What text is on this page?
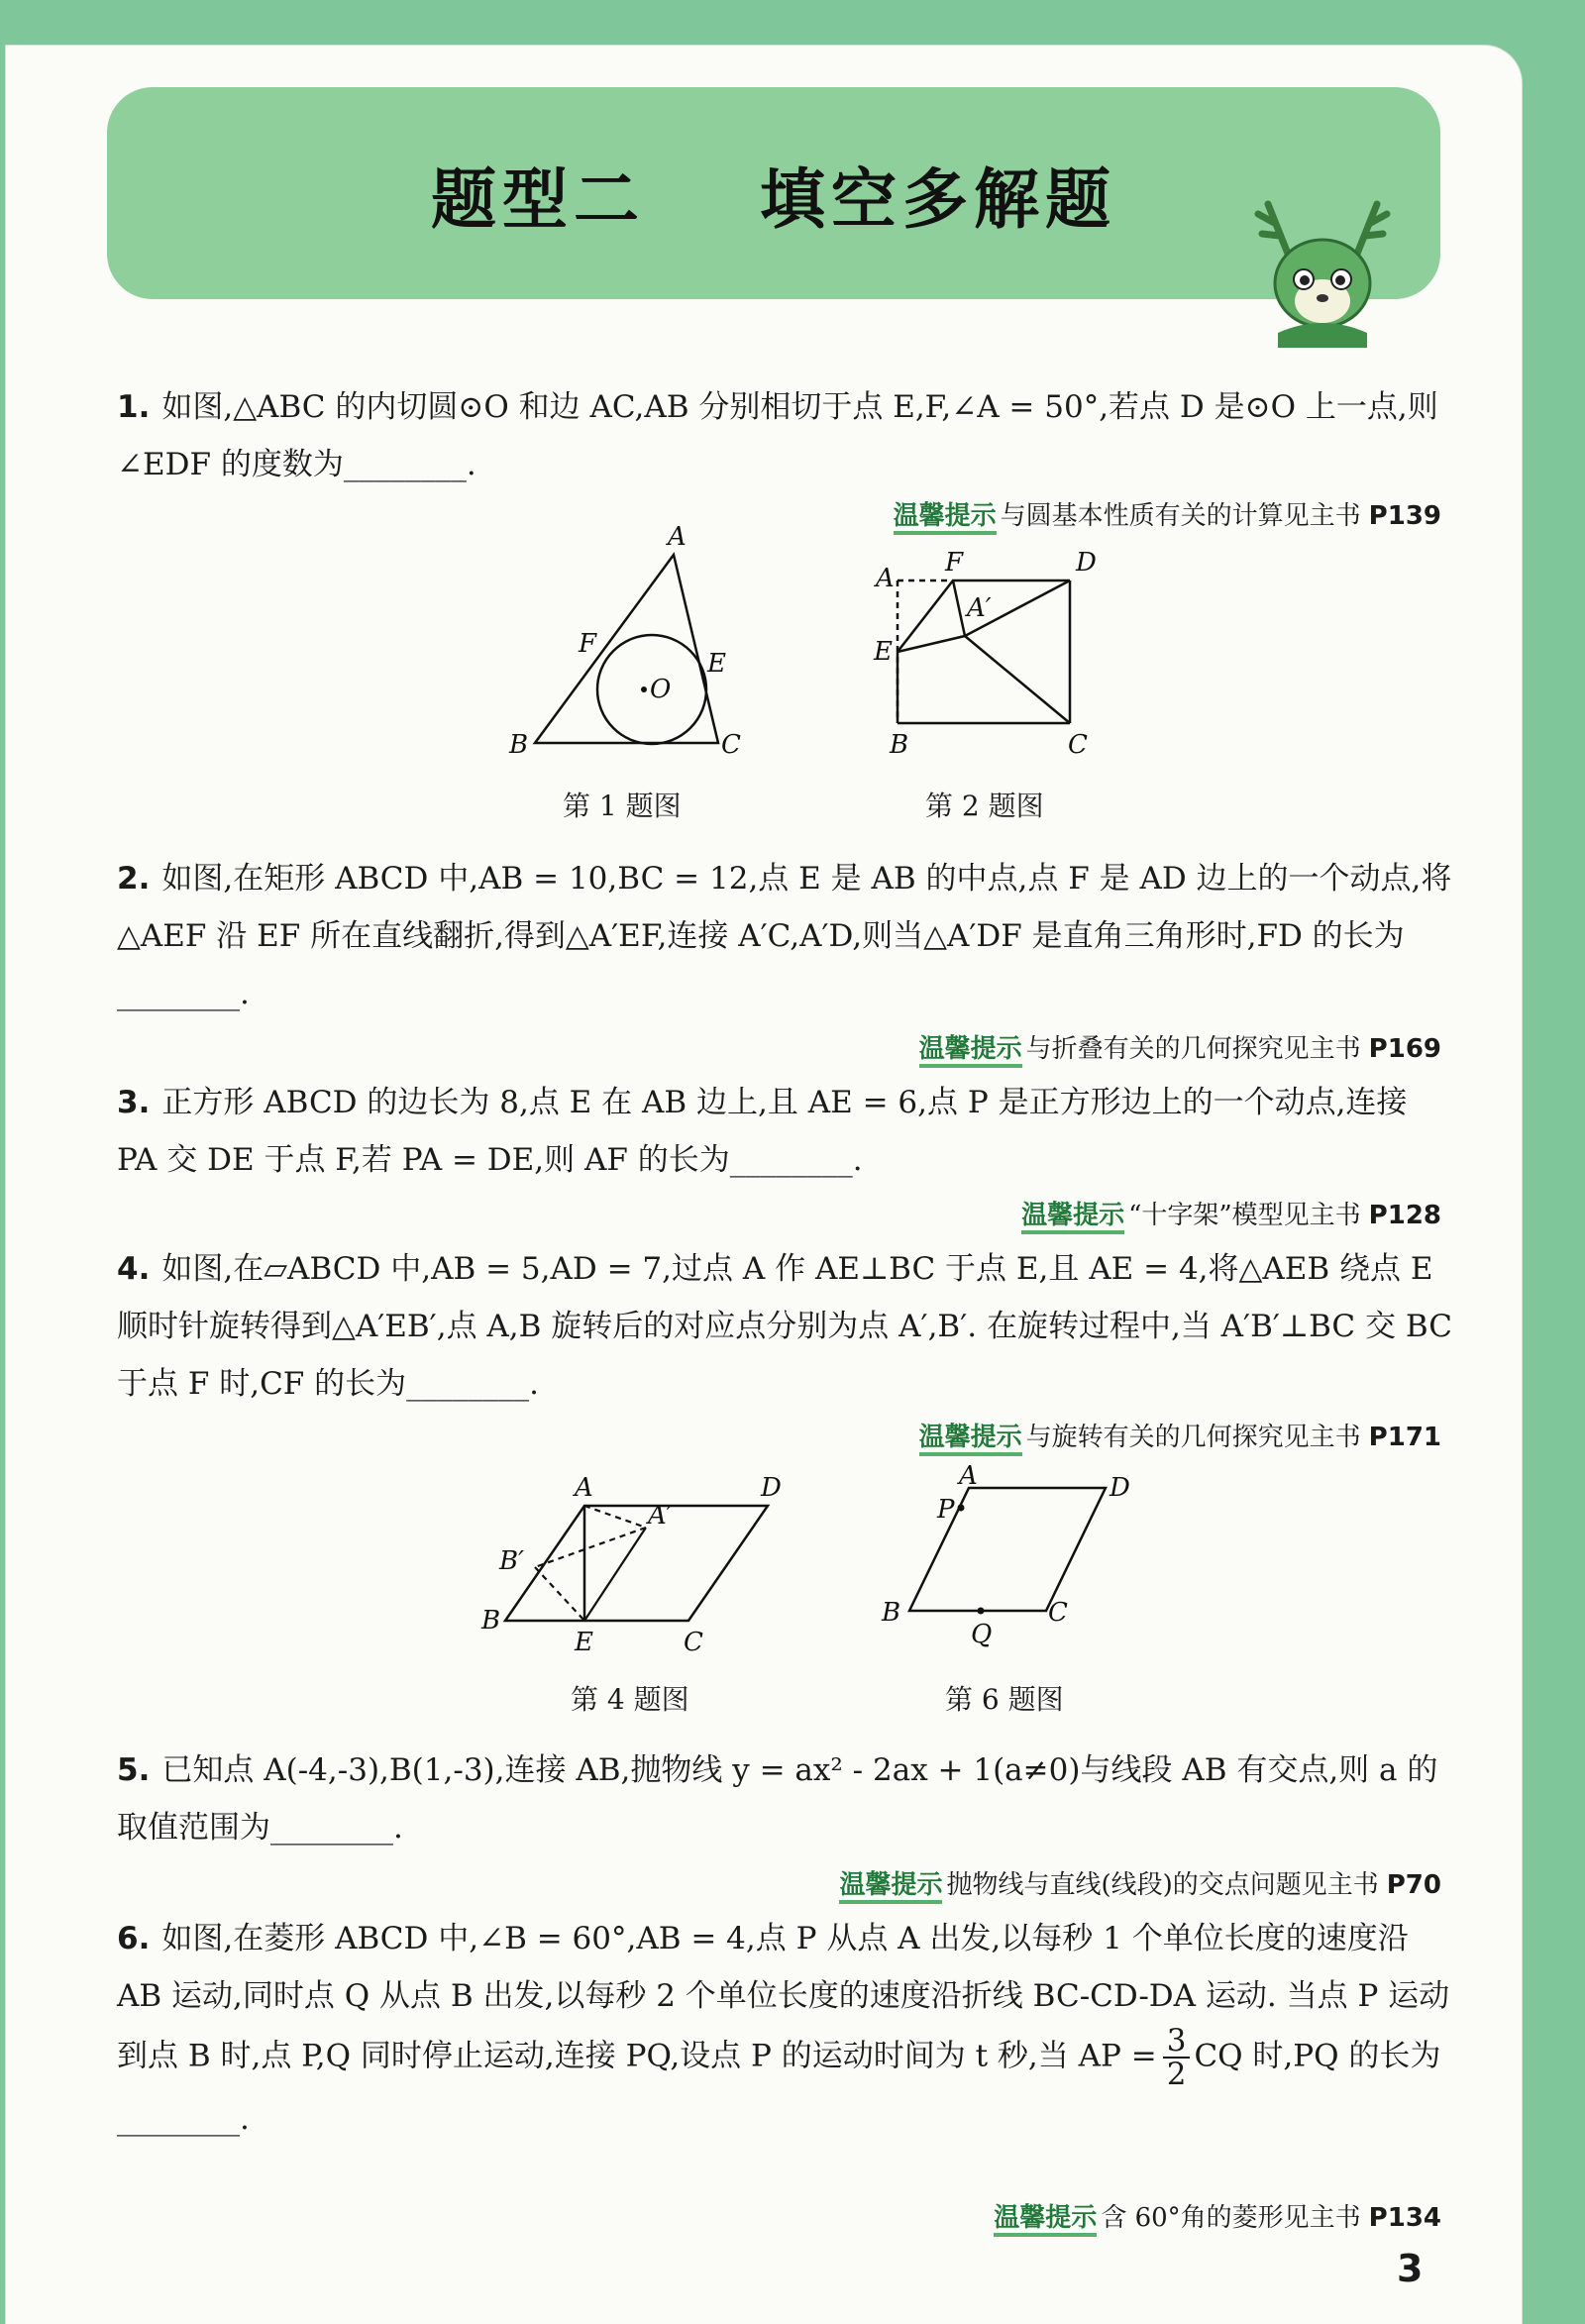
题型二    填空多解题
1. 如图,△ABC 的内切圆⊙O 和边 AC,AB 分别相切于点 E,F,∠A = 50°,若点 D 是⊙O 上一点,则∠EDF 的度数为________.
温馨提示 与圆基本性质有关的计算见主书 P139
A
B	C
E
F
O
第 1 题图
A
F	D
E
A′
B	C
第 2 题图
2. 如图,在矩形 ABCD 中,AB = 10,BC = 12,点 E 是 AB 的中点,点 F 是 AD 边上的一个动点,将△AEF 沿 EF 所在直线翻折,得到△A′EF,连接 A′C,A′D,则当△A′DF 是直角三角形时,FD 的长为________.
温馨提示 与折叠有关的几何探究见主书 P169
3. 正方形 ABCD 的边长为 8,点 E 在 AB 边上,且 AE = 6,点 P 是正方形边上的一个动点,连接 PA 交 DE 于点 F,若 PA = DE,则 AF 的长为________.
温馨提示 “十字架”模型见主书 P128
4. 如图,在▱ABCD 中,AB = 5,AD = 7,过点 A 作 AE⊥BC 于点 E,且 AE = 4,将△AEB 绕点 E 顺时针旋转得到△A′EB′,点 A,B 旋转后的对应点分别为点 A′,B′. 在旋转过程中,当 A′B′⊥BC 交 BC 于点 F 时,CF 的长为________.
温馨提示 与旋转有关的几何探究见主书 P171
A	D
A′
B′
B
E	C
第 4 题图
A	D
P
B	C
Q
第 6 题图
5. 已知点 A(-4,-3),B(1,-3),连接 AB,抛物线 y = ax² - 2ax + 1(a≠0)与线段 AB 有交点,则 a 的取值范围为________.
温馨提示 抛物线与直线(线段)的交点问题见主书 P70
6. 如图,在菱形 ABCD 中,∠B = 60°,AB = 4,点 P 从点 A 出发,以每秒 1 个单位长度的速度沿 AB 运动,同时点 Q 从点 B 出发,以每秒 2 个单位长度的速度沿折线 BC-CD-DA 运动. 当点 P 运动到点 B 时,点 P,Q 同时停止运动,连接 PQ,设点 P 的运动时间为 t 秒,当 AP = $\frac{3}{2}$ CQ 时,PQ 的长为________.
温馨提示 含 60°角的菱形见主书 P134
3
